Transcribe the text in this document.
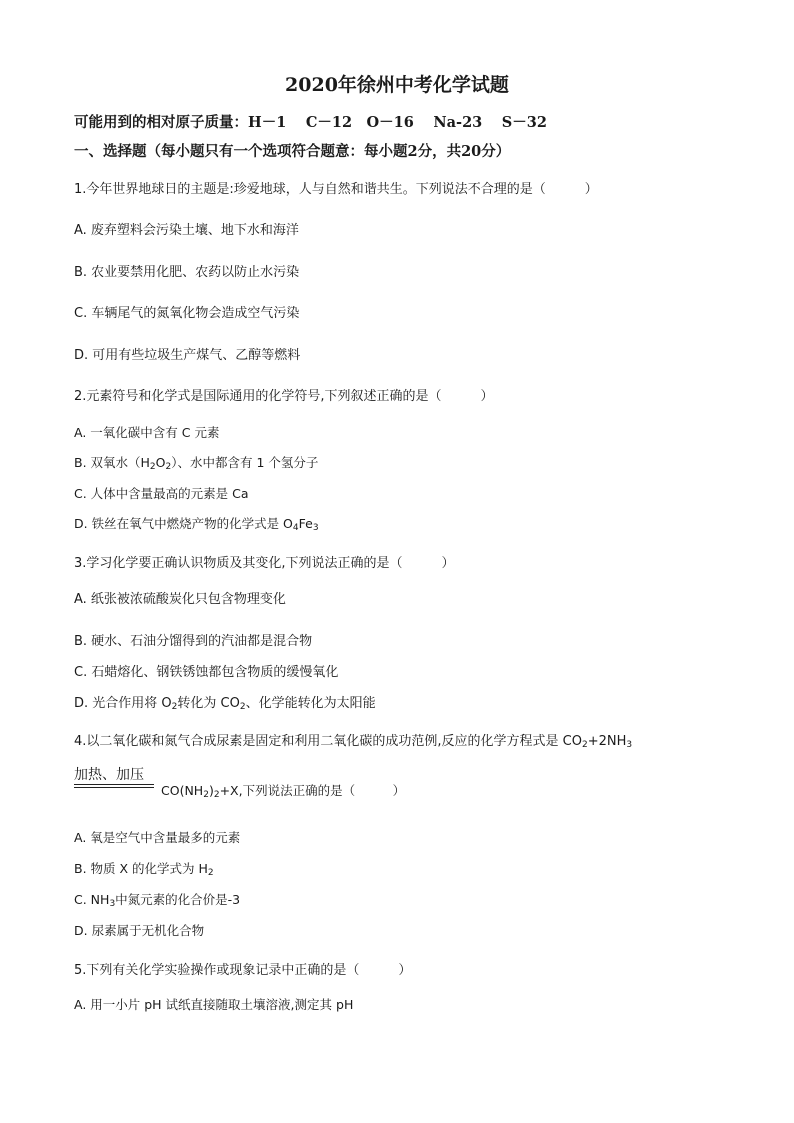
2020年徐州中考化学试题
可能用到的相对原子质量：H－1　 C－12　O－16　 Na-23　 S－32
一、选择题（每小题只有一个选项符合题意：每小题2分，共20分）
1.今年世界地球日的主题是:珍爱地球，人与自然和谐共生。下列说法不合理的是（　　　）
A. 废弃塑料会污染土壤、地下水和海洋
B. 农业要禁用化肥、农药以防止水污染
C. 车辆尾气的氮氧化物会造成空气污染
D. 可用有些垃圾生产煤气、乙醇等燃料
2.元素符号和化学式是国际通用的化学符号,下列叙述正确的是（　　　）
A. 一氧化碳中含有 C 元素
B. 双氧水$(H_2O_2)$、水中都含有 1 个氢分子
C. 人体中含量最高的元素是 Ca
D. 铁丝在氧气中燃烧产物的化学式是 $O_4Fe_3$
3.学习化学要正确认识物质及其变化,下列说法正确的是（　　　）
A. 纸张被浓硫酸炭化只包含物理变化
B. 硬水、石油分馏得到的汽油都是混合物
C. 石蜡熔化、钢铁锈蚀都包含物质的缓慢氧化
D. 光合作用将 $O_2$转化为 $CO_2$、化学能转化为太阳能
4.以二氧化碳和氮气合成尿素是固定和利用二氧化碳的成功范例,反应的化学方程式是 $CO_2+2NH_3$
加热、加压
$CO(NH_2)_2+X$,下列说法正确的是（　　　）
A. 氧是空气中含量最多的元素
B. 物质 X 的化学式为 $H_2$
C. $NH_3$中氮元素的化合价是-3
D. 尿素属于无机化合物
5.下列有关化学实验操作或现象记录中正确的是（　　　）
A. 用一小片 pH 试纸直接随取土壤溶液,测定其 pH
